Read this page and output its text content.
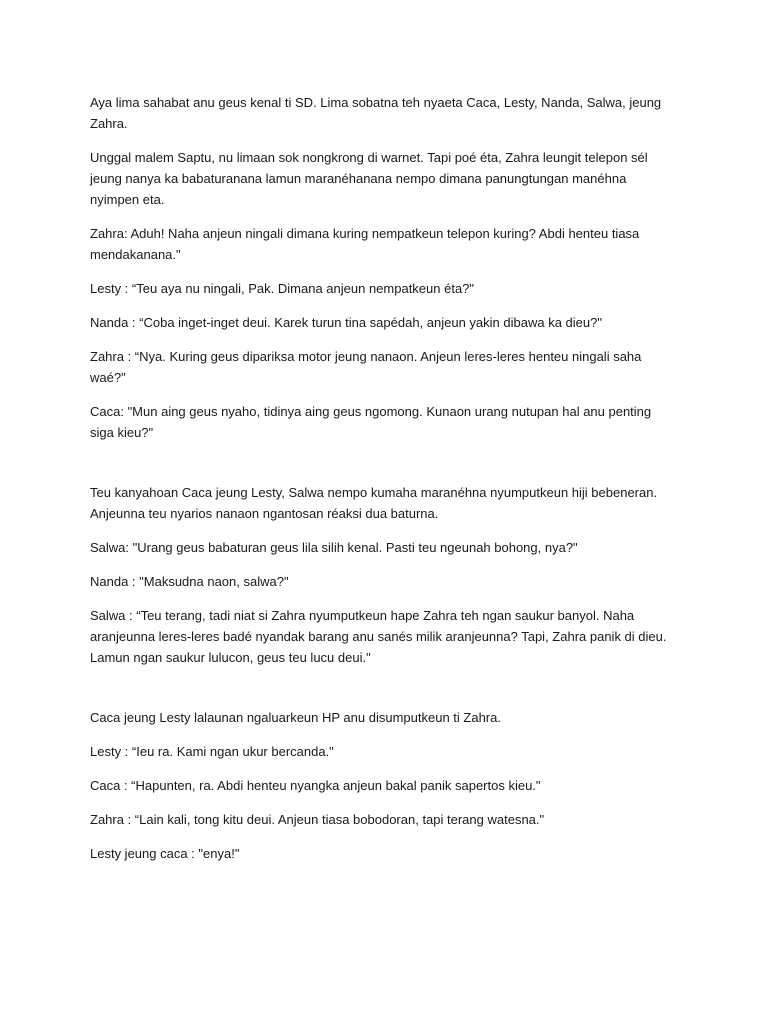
Aya lima sahabat anu geus kenal ti SD. Lima sobatna teh nyaeta Caca, Lesty, Nanda, Salwa, jeung Zahra.

Unggal malem Saptu, nu limaan sok nongkrong di warnet. Tapi poé éta, Zahra leungit telepon sél jeung nanya ka babaturanana lamun maranéhanana nempo dimana panungtungan manéhna nyimpen eta.

Zahra: Aduh! Naha anjeun ningali dimana kuring nempatkeun telepon kuring? Abdi henteu tiasa mendakanana."

Lesty : “Teu aya nu ningali, Pak. Dimana anjeun nempatkeun éta?"

Nanda : “Coba inget-inget deui. Karek turun tina sapédah, anjeun yakin dibawa ka dieu?"

Zahra : “Nya. Kuring geus dipariksa motor jeung nanaon. Anjeun leres-leres henteu ningali saha waé?"

Caca: "Mun aing geus nyaho, tidinya aing geus ngomong. Kunaon urang nutupan hal anu penting siga kieu?"

Teu kanyahoan Caca jeung Lesty, Salwa nempo kumaha maranéhna nyumputkeun hiji bebeneran. Anjeunna teu nyarios nanaon ngantosan réaksi dua baturna.

Salwa: "Urang geus babaturan geus lila silih kenal. Pasti teu ngeunah bohong, nya?"

Nanda : "Maksudna naon, salwa?"

Salwa : “Teu terang, tadi niat si Zahra nyumputkeun hape Zahra teh ngan saukur banyol. Naha aranjeunna leres-leres badé nyandak barang anu sanés milik aranjeunna? Tapi, Zahra panik di dieu. Lamun ngan saukur lulucon, geus teu lucu deui."

Caca jeung Lesty lalaunan ngaluarkeun HP anu disumputkeun ti Zahra.

Lesty : “Ieu ra. Kami ngan ukur bercanda."

Caca : “Hapunten, ra. Abdi henteu nyangka anjeun bakal panik sapertos kieu."

Zahra : “Lain kali, tong kitu deui. Anjeun tiasa bobodoran, tapi terang watesna."

Lesty jeung caca : "enya!"
